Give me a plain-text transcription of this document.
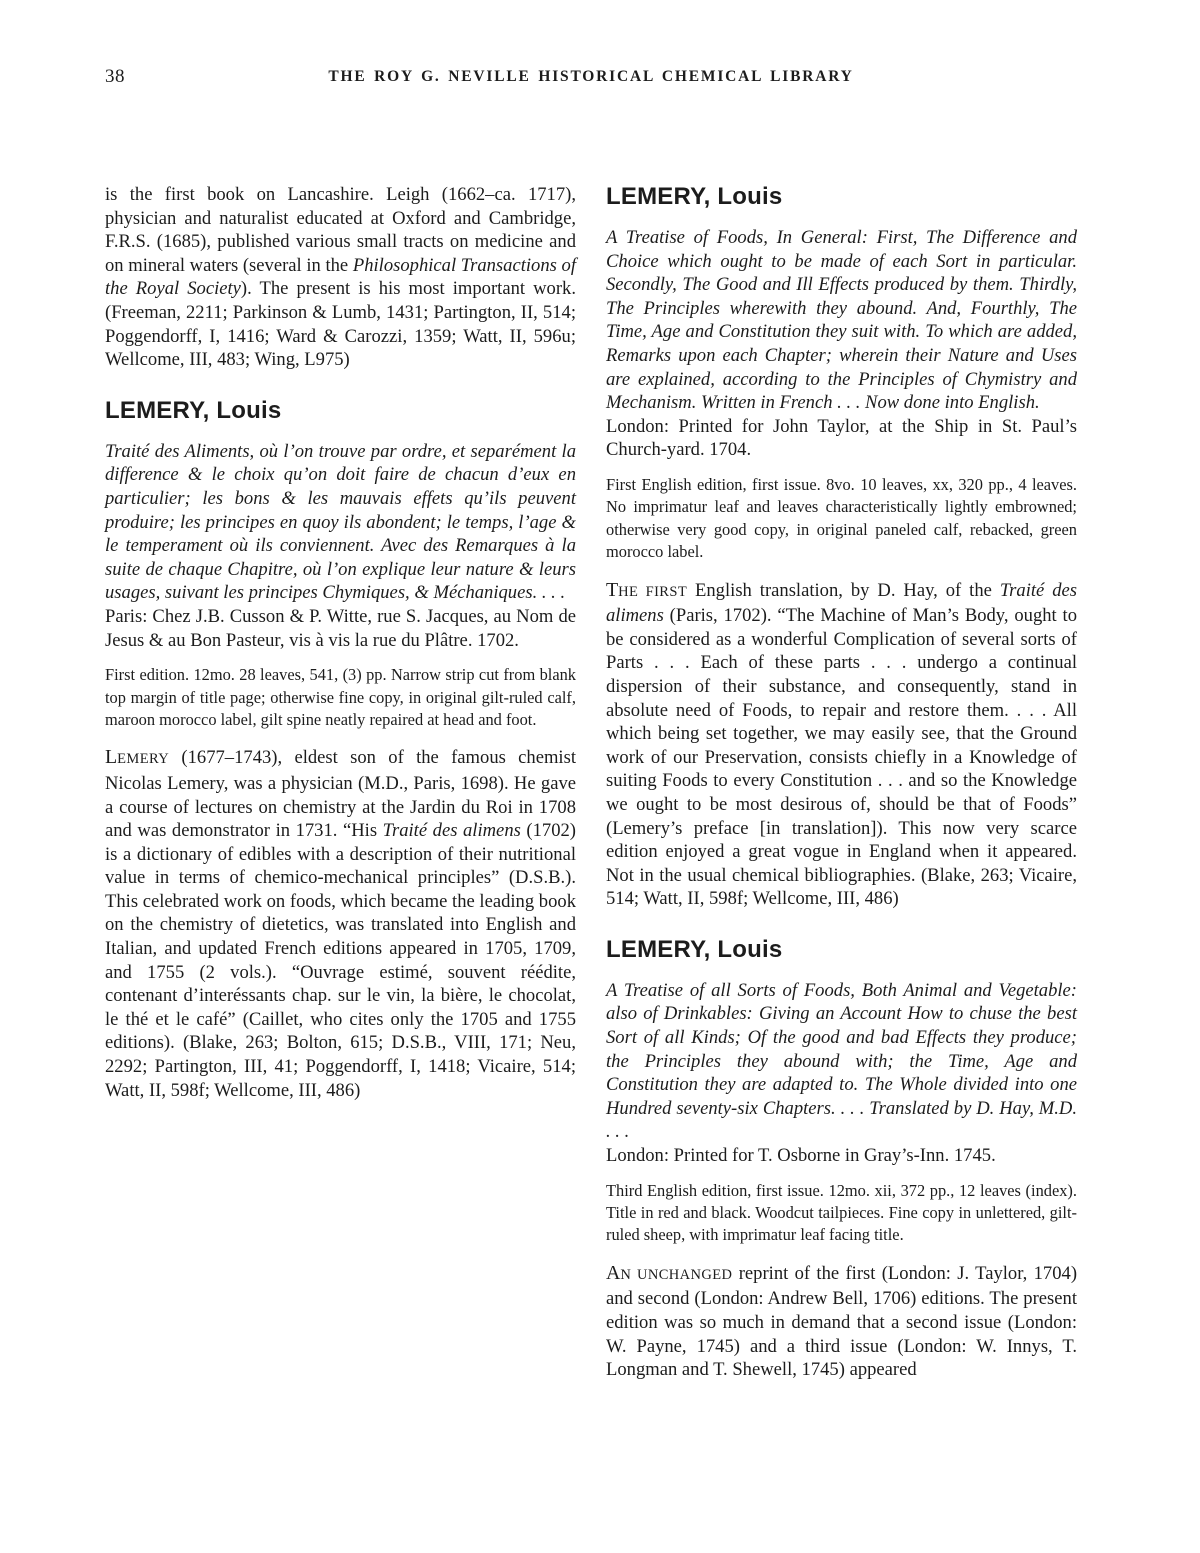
38	THE ROY G. NEVILLE HISTORICAL CHEMICAL LIBRARY

is the first book on Lancashire. Leigh (1662–ca. 1717), physician and naturalist educated at Oxford and Cambridge, F.R.S. (1685), published various small tracts on medicine and on mineral waters (several in the Philosophical Transactions of the Royal Society). The present is his most important work. (Freeman, 2211; Parkinson & Lumb, 1431; Partington, II, 514; Poggendorff, I, 1416; Ward & Carozzi, 1359; Watt, II, 596u; Wellcome, III, 483; Wing, L975)

LEMERY, Louis

Traité des Aliments, où l’on trouve par ordre, et separément la difference & le choix qu’on doit faire de chacun d’eux en particulier; les bons & les mauvais effets qu’ils peuvent produire; les principes en quoy ils abondent; le temps, l’age & le temperament où ils conviennent. Avec des Remarques à la suite de chaque Chapitre, où l’on explique leur nature & leurs usages, suivant les principes Chymiques, & Méchaniques. . . .

Paris: Chez J.B. Cusson & P. Witte, rue S. Jacques, au Nom de Jesus & au Bon Pasteur, vis à vis la rue du Plâtre. 1702.

First edition. 12mo. 28 leaves, 541, (3) pp. Narrow strip cut from blank top margin of title page; otherwise fine copy, in original gilt-ruled calf, maroon morocco label, gilt spine neatly repaired at head and foot.

LEMERY (1677–1743), eldest son of the famous chemist Nicolas Lemery, was a physician (M.D., Paris, 1698). He gave a course of lectures on chemistry at the Jardin du Roi in 1708 and was demonstrator in 1731. “His Traité des alimens (1702) is a dictionary of edibles with a description of their nutritional value in terms of chemico-mechanical principles” (D.S.B.). This celebrated work on foods, which became the leading book on the chemistry of dietetics, was translated into English and Italian, and updated French editions appeared in 1705, 1709, and 1755 (2 vols.). “Ouvrage estimé, souvent réédite, contenant d’interéssants chap. sur le vin, la bière, le chocolat, le thé et le café” (Caillet, who cites only the 1705 and 1755 editions). (Blake, 263; Bolton, 615; D.S.B., VIII, 171; Neu, 2292; Partington, III, 41; Poggendorff, I, 1418; Vicaire, 514; Watt, II, 598f; Wellcome, III, 486)

LEMERY, Louis

A Treatise of Foods, In General: First, The Difference and Choice which ought to be made of each Sort in particular. Secondly, The Good and Ill Effects produced by them. Thirdly, The Principles wherewith they abound. And, Fourthly, The Time, Age and Constitution they suit with. To which are added, Remarks upon each Chapter; wherein their Nature and Uses are explained, according to the Principles of Chymistry and Mechanism. Written in French . . . Now done into English.

London: Printed for John Taylor, at the Ship in St. Paul’s Church-yard. 1704.

First English edition, first issue. 8vo. 10 leaves, xx, 320 pp., 4 leaves. No imprimatur leaf and leaves characteristically lightly embrowned; otherwise very good copy, in original paneled calf, rebacked, green morocco label.

THE FIRST English translation, by D. Hay, of the Traité des alimens (Paris, 1702). “The Machine of Man’s Body, ought to be considered as a wonderful Complication of several sorts of Parts . . . Each of these parts . . . undergo a continual dispersion of their substance, and consequently, stand in absolute need of Foods, to repair and restore them. . . . All which being set together, we may easily see, that the Ground work of our Preservation, consists chiefly in a Knowledge of suiting Foods to every Constitution . . . and so the Knowledge we ought to be most desirous of, should be that of Foods” (Lemery’s preface [in translation]). This now very scarce edition enjoyed a great vogue in England when it appeared. Not in the usual chemical bibliographies. (Blake, 263; Vicaire, 514; Watt, II, 598f; Wellcome, III, 486)

LEMERY, Louis

A Treatise of all Sorts of Foods, Both Animal and Vegetable: also of Drinkables: Giving an Account How to chuse the best Sort of all Kinds; Of the good and bad Effects they produce; the Principles they abound with; the Time, Age and Constitution they are adapted to. The Whole divided into one Hundred seventy-six Chapters. . . . Translated by D. Hay, M.D. . . .

London: Printed for T. Osborne in Gray’s-Inn. 1745.

Third English edition, first issue. 12mo. xii, 372 pp., 12 leaves (index). Title in red and black. Woodcut tailpieces. Fine copy in unlettered, gilt-ruled sheep, with imprimatur leaf facing title.

AN UNCHANGED reprint of the first (London: J. Taylor, 1704) and second (London: Andrew Bell, 1706) editions. The present edition was so much in demand that a second issue (London: W. Payne, 1745) and a third issue (London: W. Innys, T. Longman and T. Shewell, 1745) appeared
